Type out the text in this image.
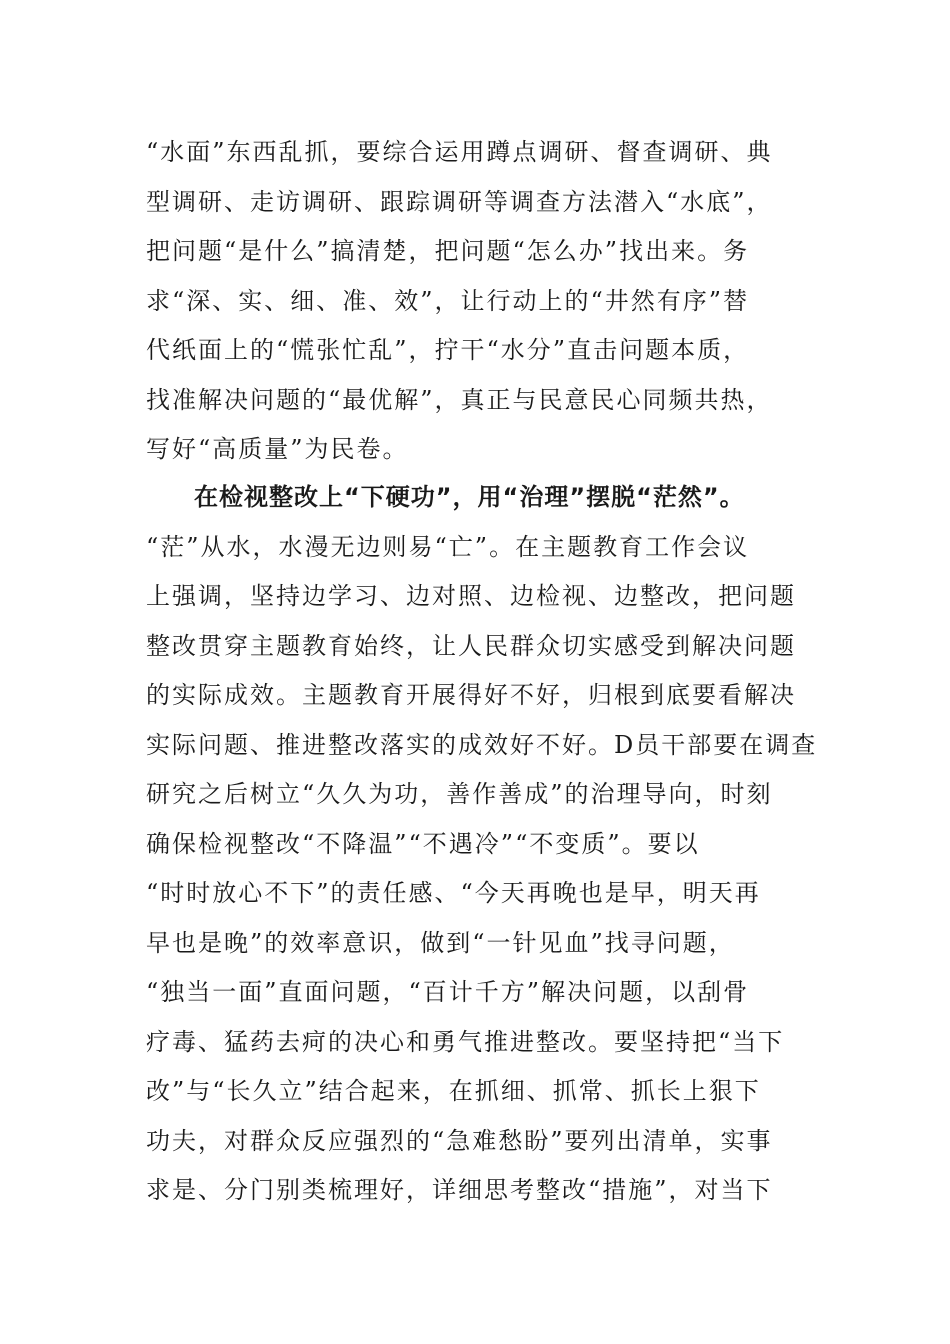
“水面”东西乱抓，要综合运用蹲点调研、督查调研、典
型调研、走访调研、跟踪调研等调查方法潜入“水底”，
把问题“是什么”搞清楚，把问题“怎么办”找出来。务
求“深、实、细、准、效”，让行动上的“井然有序”替
代纸面上的“慌张忙乱”，拧干“水分”直击问题本质，
找准解决问题的“最优解”，真正与民意民心同频共热，
写好“高质量”为民卷。
在检视整改上“下硬功”，用“治理”摆脱“茫然”。
“茫”从水，水漫无边则易“亡”。在主题教育工作会议
上强调，坚持边学习、边对照、边检视、边整改，把问题
整改贯穿主题教育始终，让人民群众切实感受到解决问题
的实际成效。主题教育开展得好不好，归根到底要看解决
实际问题、推进整改落实的成效好不好。D员干部要在调查
研究之后树立“久久为功，善作善成”的治理导向，时刻
确保检视整改“不降温”“不遇冷”“不变质”。要以
“时时放心不下”的责任感、“今天再晚也是早，明天再
早也是晚”的效率意识，做到“一针见血”找寻问题，
“独当一面”直面问题，“百计千方”解决问题，以刮骨
疗毒、猛药去疴的决心和勇气推进整改。要坚持把“当下
改”与“长久立”结合起来，在抓细、抓常、抓长上狠下
功夫，对群众反应强烈的“急难愁盼”要列出清单，实事
求是、分门别类梳理好，详细思考整改“措施”，对当下
